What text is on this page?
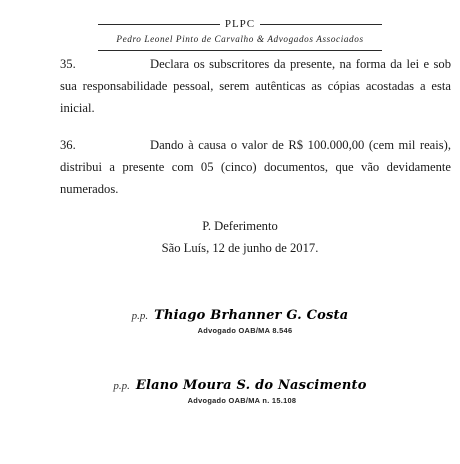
PLPC
Pedro Leonel Pinto de Carvalho & Advogados Associados

35.	Declara os subscritores da presente, na forma da lei e sob sua responsabilidade pessoal, serem autênticas as cópias acostadas a esta inicial.

36.	Dando à causa o valor de R$ 100.000,00 (cem mil reais), distribui a presente com 05 (cinco) documentos, que vão devidamente numerados.

P. Deferimento
São Luís, 12 de junho de 2017.
p.p. Thiago Brhanner G. Costa
Advogado OAB/MA 8.546
p.p. Elano Moura S. do Nascimento
Advogado OAB/MA n. 15.108
